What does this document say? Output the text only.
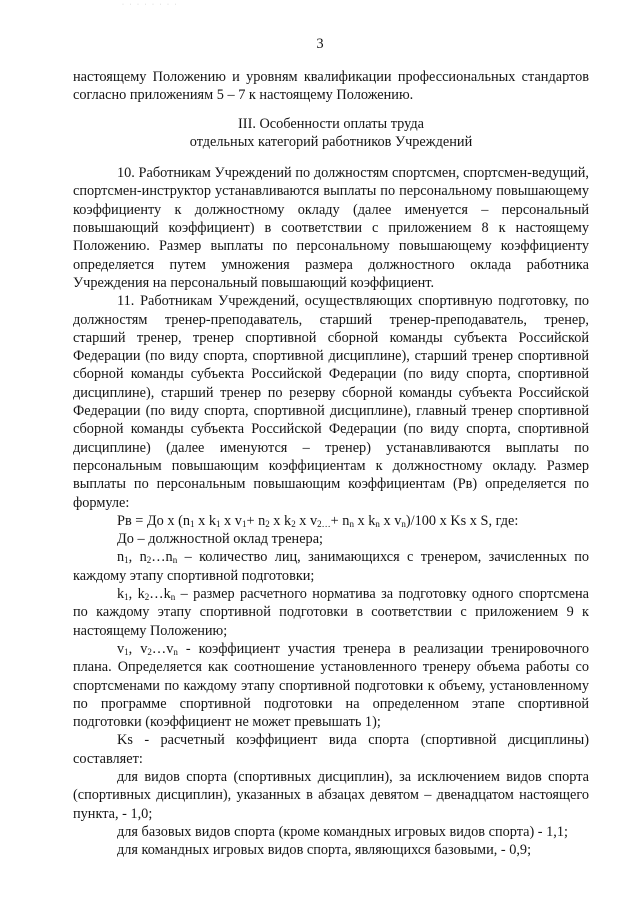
· · · · · · · ·
3

настоящему Положению и уровням квалификации профессиональных стандартов согласно приложениям 5 – 7 к настоящему Положению.

III. Особенности оплаты труда
отдельных категорий работников Учреждений

10. Работникам Учреждений по должностям спортсмен, спортсмен-ведущий, спортсмен-инструктор устанавливаются выплаты по персональному повышающему коэффициенту к должностному окладу (далее именуется – персональный повышающий коэффициент) в соответствии с приложением 8 к настоящему Положению. Размер выплаты по персональному повышающему коэффициенту определяется путем умножения размера должностного оклада работника Учреждения на персональный повышающий коэффициент.

11. Работникам Учреждений, осуществляющих спортивную подготовку, по должностям тренер-преподаватель, старший тренер-преподаватель, тренер, старший тренер, тренер спортивной сборной команды субъекта Российской Федерации (по виду спорта, спортивной дисциплине), старший тренер спортивной сборной команды субъекта Российской Федерации (по виду спорта, спортивной дисциплине), старший тренер по резерву сборной команды субъекта Российской Федерации (по виду спорта, спортивной дисциплине), главный тренер спортивной сборной команды субъекта Российской Федерации (по виду спорта, спортивной дисциплине) (далее именуются – тренер) устанавливаются выплаты по персональным повышающим коэффициентам к должностному окладу. Размер выплаты по персональным повышающим коэффициентам (Рв) определяется по формуле:

Рв = До х ($n_1$ х $k_1$ х $v_1+ n_2$ х $k_2$ х $v_{2\dots}+ n_n$ х $k_n$ х $v_n)/100$ х Ks х S, где:

До – должностной оклад тренера;

$n_1$, $n_2\dots n_n$ – количество лиц, занимающихся с тренером, зачисленных по каждому этапу спортивной подготовки;

$k_1$, $k_2\dots k_n$ – размер расчетного норматива за подготовку одного спортсмена по каждому этапу спортивной подготовки в соответствии с приложением 9 к настоящему Положению;

$v_1$, $v_2\dots v_n$ - коэффициент участия тренера в реализации тренировочного плана. Определяется как соотношение установленного тренеру объема работы со спортсменами по каждому этапу спортивной подготовки к объему, установленному по программе спортивной подготовки на определенном этапе спортивной подготовки (коэффициент не может превышать 1);

Ks - расчетный коэффициент вида спорта (спортивной дисциплины) составляет:

для видов спорта (спортивных дисциплин), за исключением видов спорта (спортивных дисциплин), указанных в абзацах девятом – двенадцатом настоящего пункта, - 1,0;

для базовых видов спорта (кроме командных игровых видов спорта) - 1,1;

для командных игровых видов спорта, являющихся базовыми, - 0,9;
